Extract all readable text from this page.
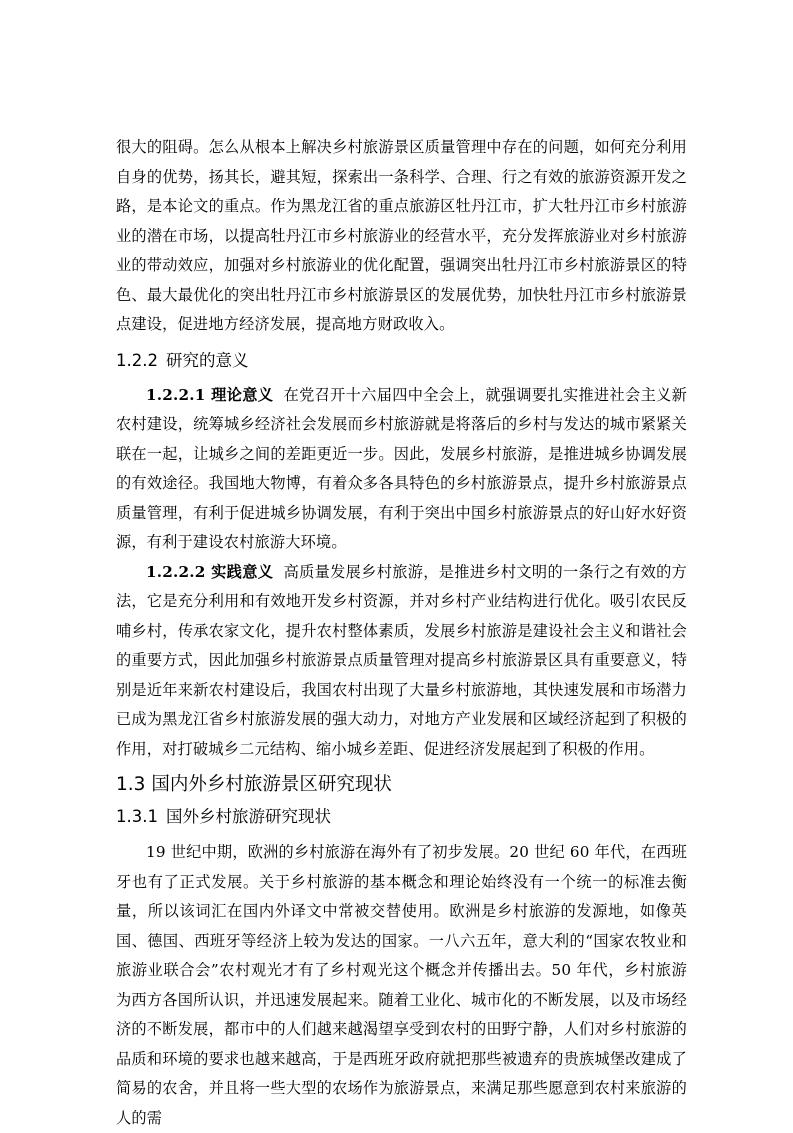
很大的阻碍。怎么从根本上解决乡村旅游景区质量管理中存在的问题，如何充分利用自身的优势，扬其长，避其短，探索出一条科学、合理、行之有效的旅游资源开发之路，是本论文的重点。作为黑龙江省的重点旅游区牡丹江市，扩大牡丹江市乡村旅游业的潜在市场，以提高牡丹江市乡村旅游业的经营水平，充分发挥旅游业对乡村旅游业的带动效应，加强对乡村旅游业的优化配置，强调突出牡丹江市乡村旅游景区的特色、最大最优化的突出牡丹江市乡村旅游景区的发展优势，加快牡丹江市乡村旅游景点建设，促进地方经济发展，提高地方财政收入。

1.2.2 研究的意义

1.2.2.1 理论意义 在党召开十六届四中全会上，就强调要扎实推进社会主义新农村建设，统筹城乡经济社会发展而乡村旅游就是将落后的乡村与发达的城市紧紧关联在一起，让城乡之间的差距更近一步。因此，发展乡村旅游，是推进城乡协调发展的有效途径。我国地大物博，有着众多各具特色的乡村旅游景点，提升乡村旅游景点质量管理，有利于促进城乡协调发展，有利于突出中国乡村旅游景点的好山好水好资源，有利于建设农村旅游大环境。

1.2.2.2 实践意义 高质量发展乡村旅游，是推进乡村文明的一条行之有效的方法，它是充分利用和有效地开发乡村资源，并对乡村产业结构进行优化。吸引农民反哺乡村，传承农家文化，提升农村整体素质，发展乡村旅游是建设社会主义和谐社会的重要方式，因此加强乡村旅游景点质量管理对提高乡村旅游景区具有重要意义，特别是近年来新农村建设后，我国农村出现了大量乡村旅游地，其快速发展和市场潜力已成为黑龙江省乡村旅游发展的强大动力，对地方产业发展和区域经济起到了积极的作用，对打破城乡二元结构、缩小城乡差距、促进经济发展起到了积极的作用。

1.3 国内外乡村旅游景区研究现状
1.3.1 国外乡村旅游研究现状

19 世纪中期，欧洲的乡村旅游在海外有了初步发展。20 世纪 60 年代，在西班牙也有了正式发展。关于乡村旅游的基本概念和理论始终没有一个统一的标准去衡量，所以该词汇在国内外译文中常被交替使用。欧洲是乡村旅游的发源地，如像英国、德国、西班牙等经济上较为发达的国家。一八六五年，意大利的“国家农牧业和旅游业联合会”农村观光才有了乡村观光这个概念并传播出去。50 年代，乡村旅游为西方各国所认识，并迅速发展起来。随着工业化、城市化的不断发展，以及市场经济的不断发展，都市中的人们越来越渴望享受到农村的田野宁静，人们对乡村旅游的品质和环境的要求也越来越高，于是西班牙政府就把那些被遗弃的贵族城堡改建成了简易的农舍，并且将一些大型的农场作为旅游景点，来满足那些愿意到农村来旅游的人的需
